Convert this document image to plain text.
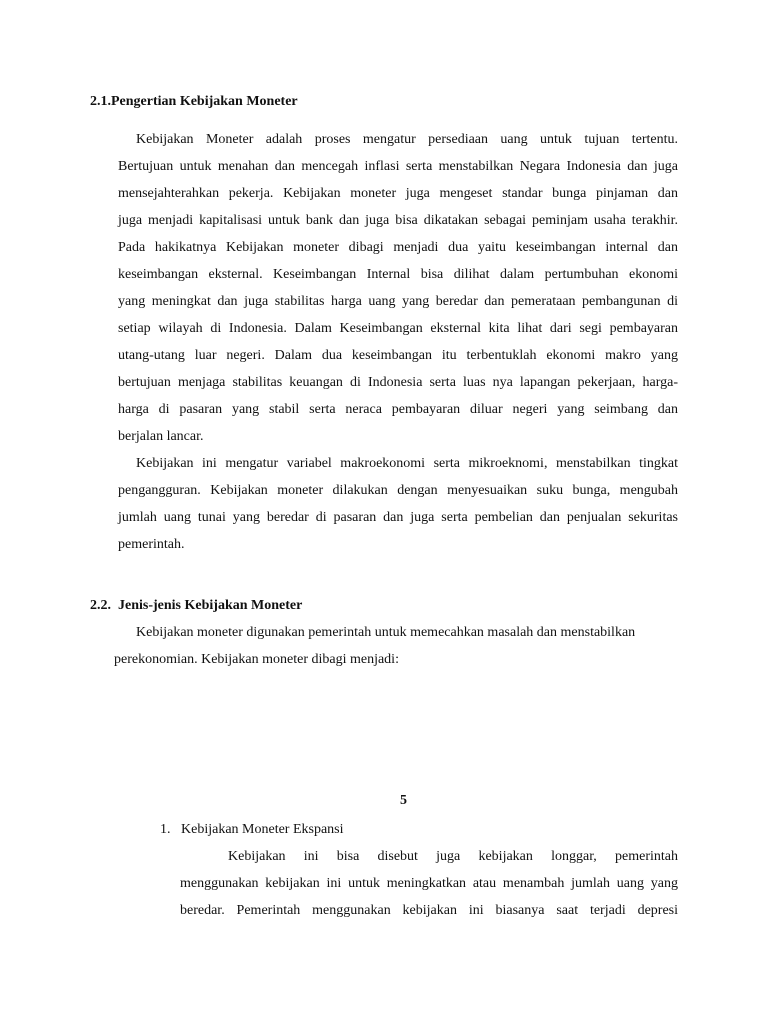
2.1.Pengertian Kebijakan Moneter
Kebijakan Moneter adalah proses mengatur persediaan uang untuk tujuan tertentu.
Bertujuan untuk menahan dan mencegah inflasi serta menstabilkan Negara Indonesia dan juga
mensejahterahkan pekerja. Kebijakan moneter juga mengeset standar bunga pinjaman dan
juga menjadi kapitalisasi untuk bank dan juga bisa dikatakan sebagai peminjam usaha terakhir.
Pada hakikatnya Kebijakan moneter dibagi menjadi dua yaitu keseimbangan internal dan
keseimbangan eksternal. Keseimbangan Internal bisa dilihat dalam pertumbuhan ekonomi
yang meningkat dan juga stabilitas harga uang yang beredar dan pemerataan pembangunan di
setiap wilayah di Indonesia. Dalam Keseimbangan eksternal kita lihat dari segi pembayaran
utang-utang luar negeri. Dalam dua keseimbangan itu terbentuklah ekonomi makro yang
bertujuan menjaga stabilitas keuangan di Indonesia serta luas nya lapangan pekerjaan, harga-
harga di pasaran yang stabil serta neraca pembayaran diluar negeri yang seimbang dan
berjalan lancar.
Kebijakan ini mengatur variabel makroekonomi serta mikroeknomi, menstabilkan tingkat
pengangguran. Kebijakan moneter dilakukan dengan menyesuaikan suku bunga, mengubah
jumlah uang tunai yang beredar di pasaran dan juga serta pembelian dan penjualan sekuritas
pemerintah.
2.2.  Jenis-jenis Kebijakan Moneter
Kebijakan moneter digunakan pemerintah untuk memecahkan masalah dan menstabilkan
perekonomian. Kebijakan moneter dibagi menjadi:
5
1.   Kebijakan Moneter Ekspansi
Kebijakan ini bisa disebut juga kebijakan longgar, pemerintah
menggunakan kebijakan ini untuk meningkatkan atau menambah jumlah uang yang
beredar. Pemerintah menggunakan kebijakan ini biasanya saat terjadi depresi
